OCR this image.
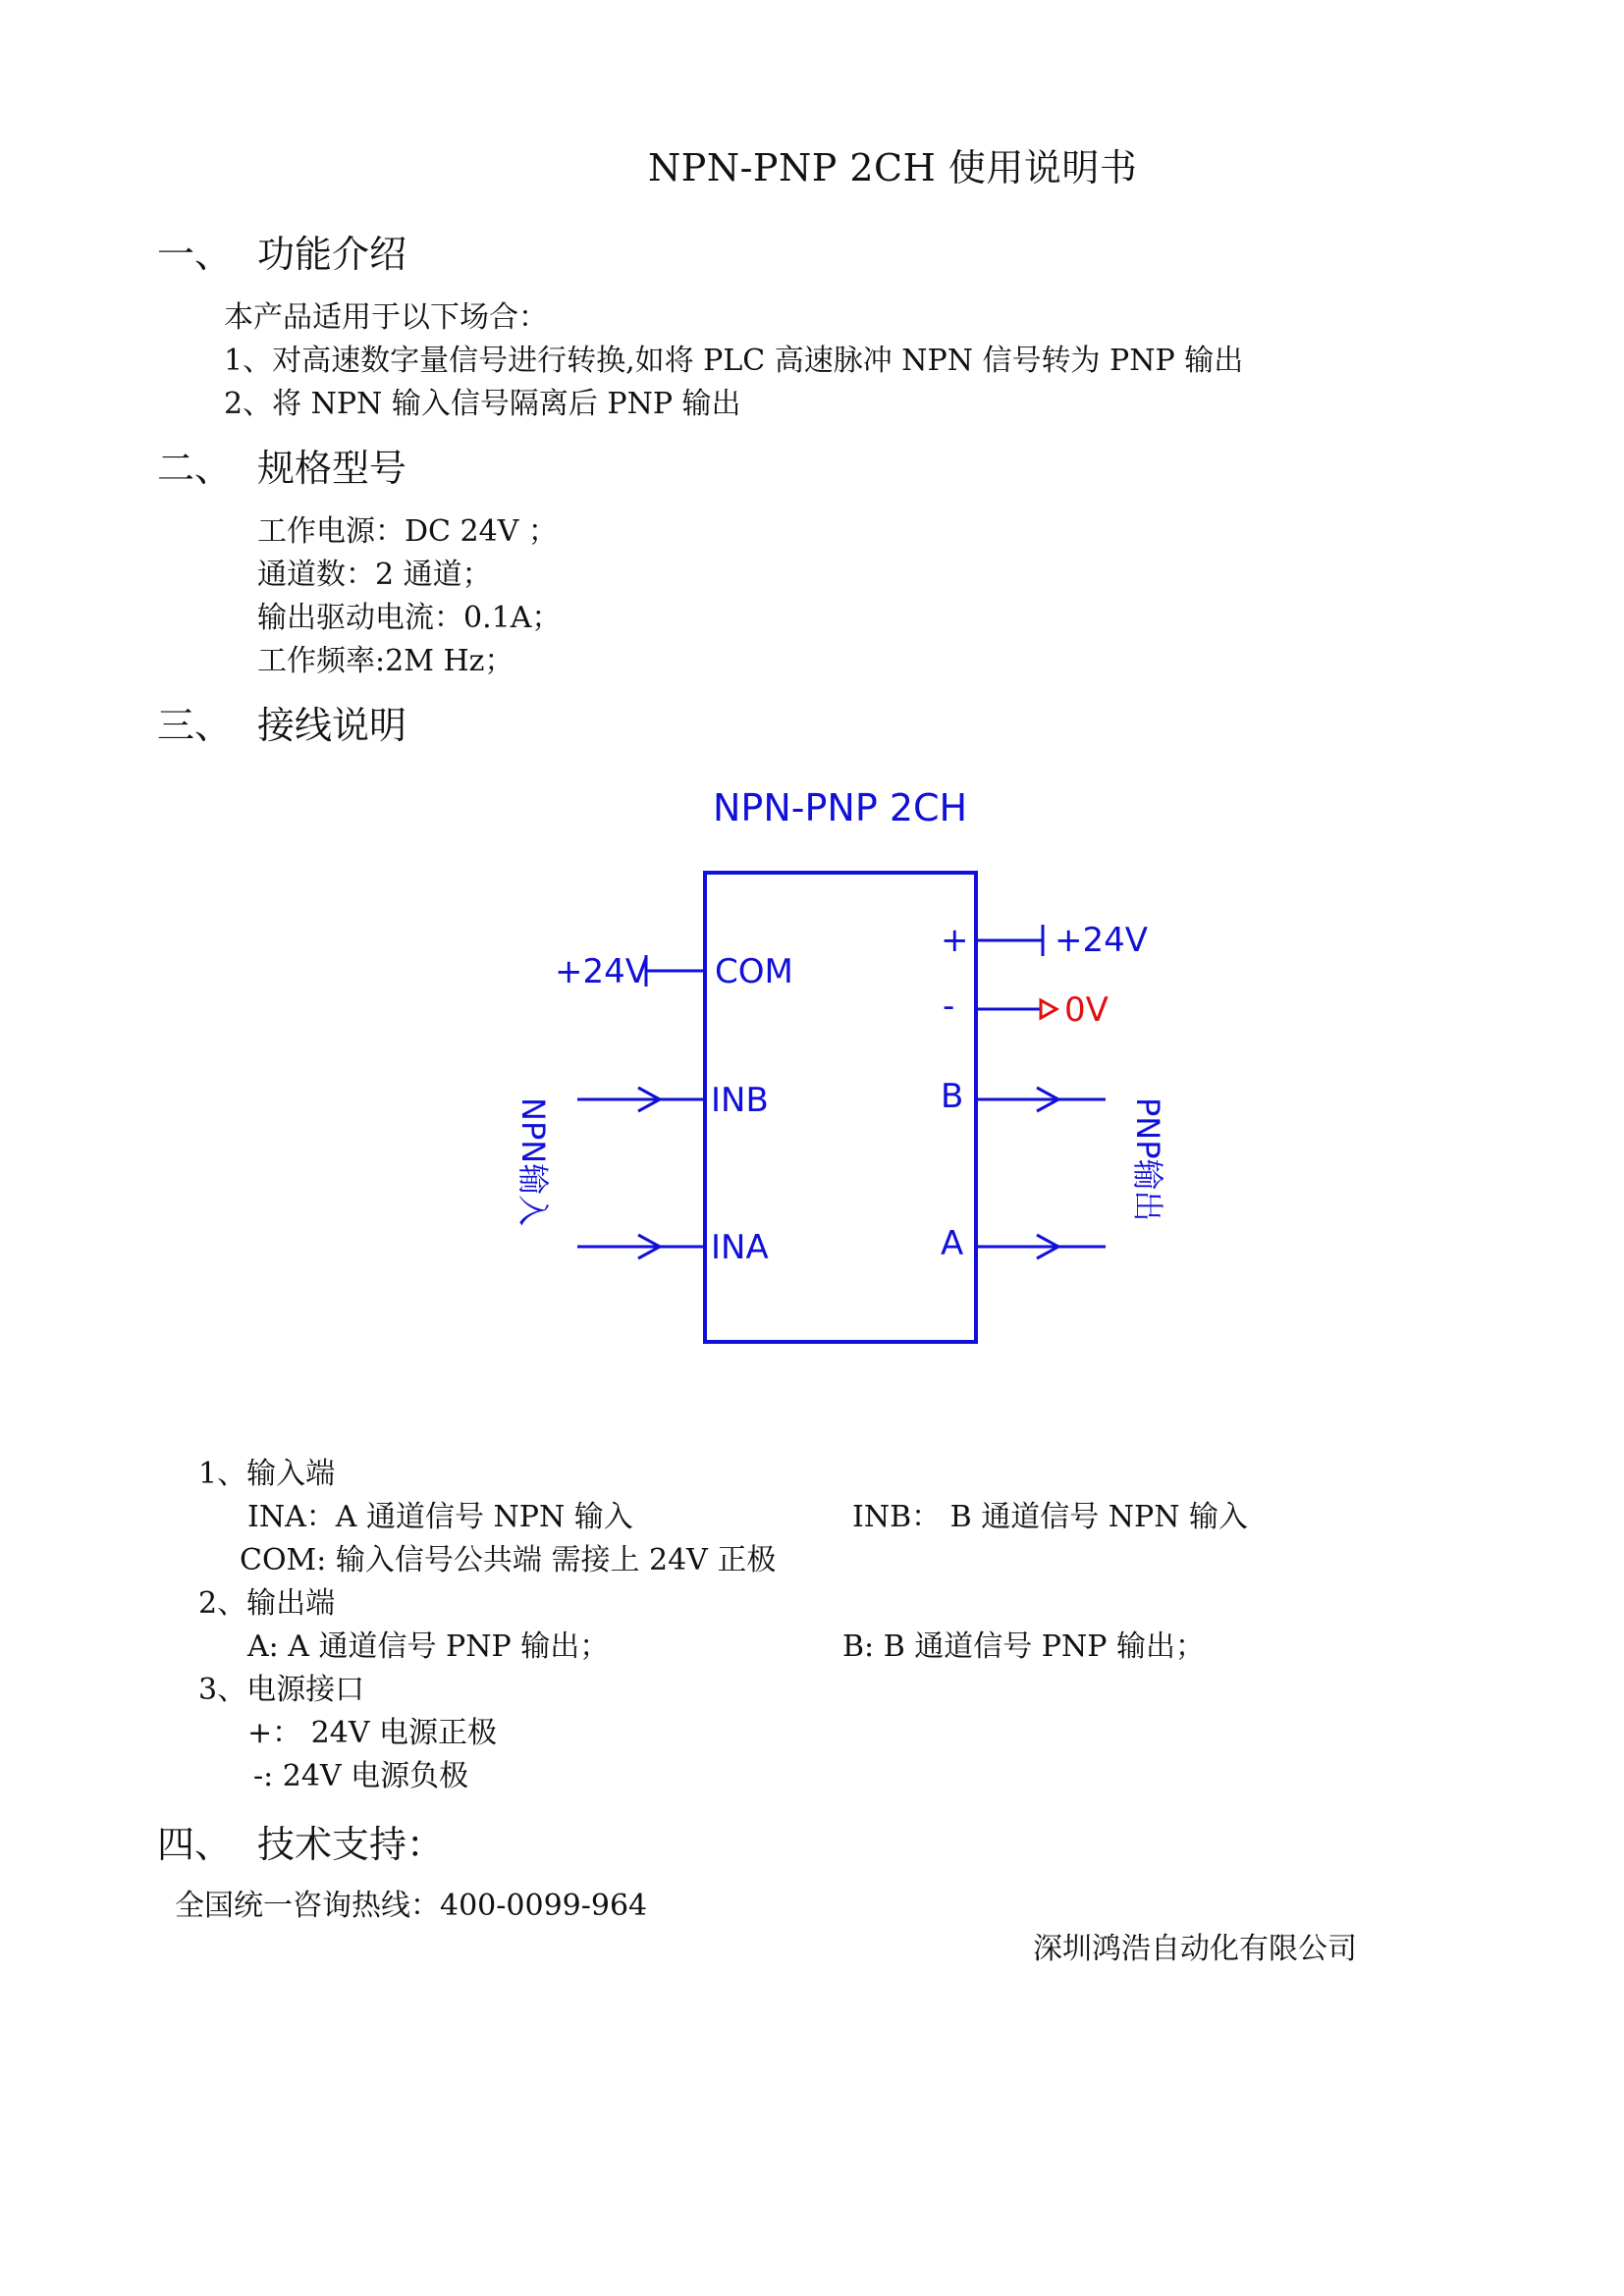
NPN-PNP 2CH 使用说明书
一、 功能介绍
本产品适用于以下场合：
1、对高速数字量信号进行转换,如将 PLC 高速脉冲 NPN 信号转为 PNP 输出
2、将 NPN 输入信号隔离后 PNP 输出
二、 规格型号
工作电源：DC 24V ；
通道数：2 通道；
输出驱动电流：0.1A；
工作频率:2M Hz；
三、 接线说明
NPN-PNP 2CH
+24V COM
+	+24V
-
INB
INA
B
A
NPN输入	PNP输出
0V
1、输入端
INA：A 通道信号 NPN 输入	INB： B 通道信号 NPN 输入
COM: 输入信号公共端 需接上 24V 正极
2、输出端
A: A 通道信号 PNP 输出；	B: B 通道信号 PNP 输出；
3、电源接口
+： 24V 电源正极
-: 24V 电源负极
四、 技术支持：
全国统一咨询热线：400-0099-964
深圳鸿浩自动化有限公司
